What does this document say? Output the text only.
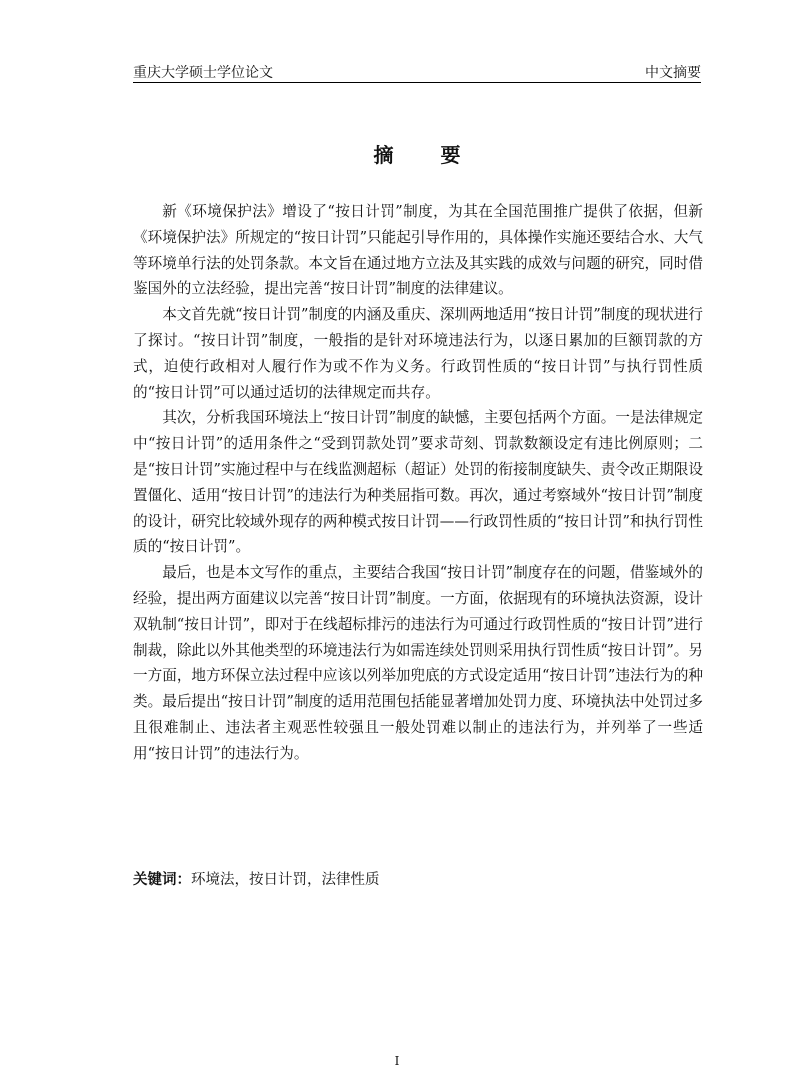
重庆大学硕士学位论文	中文摘要
摘 要

新《环境保护法》增设了“按日计罚”制度，为其在全国范围推广提供了依据，但新《环境保护法》所规定的“按日计罚”只能起引导作用的，具体操作实施还要结合水、大气等环境单行法的处罚条款。本文旨在通过地方立法及其实践的成效与问题的研究，同时借鉴国外的立法经验，提出完善“按日计罚”制度的法律建议。

本文首先就“按日计罚”制度的内涵及重庆、深圳两地适用“按日计罚”制度的现状进行了探讨。“按日计罚”制度，一般指的是针对环境违法行为，以逐日累加的巨额罚款的方式，迫使行政相对人履行作为或不作为义务。行政罚性质的“按日计罚”与执行罚性质的“按日计罚”可以通过适切的法律规定而共存。

其次，分析我国环境法上“按日计罚”制度的缺憾，主要包括两个方面。一是法律规定中“按日计罚”的适用条件之“受到罚款处罚”要求苛刻、罚款数额设定有违比例原则；二是“按日计罚”实施过程中与在线监测超标（超证）处罚的衔接制度缺失、责令改正期限设置僵化、适用“按日计罚”的违法行为种类屈指可数。再次，通过考察域外“按日计罚”制度的设计，研究比较域外现存的两种模式按日计罚——行政罚性质的“按日计罚”和执行罚性质的“按日计罚”。

最后，也是本文写作的重点，主要结合我国“按日计罚”制度存在的问题，借鉴域外的经验，提出两方面建议以完善“按日计罚”制度。一方面，依据现有的环境执法资源，设计双轨制“按日计罚”，即对于在线超标排污的违法行为可通过行政罚性质的“按日计罚”进行制裁，除此以外其他类型的环境违法行为如需连续处罚则采用执行罚性质“按日计罚”。另一方面，地方环保立法过程中应该以列举加兜底的方式设定适用“按日计罚”违法行为的种类。最后提出“按日计罚”制度的适用范围包括能显著增加处罚力度、环境执法中处罚过多且很难制止、违法者主观恶性较强且一般处罚难以制止的违法行为，并列举了一些适用“按日计罚”的违法行为。

关键词：环境法，按日计罚，法律性质
I
